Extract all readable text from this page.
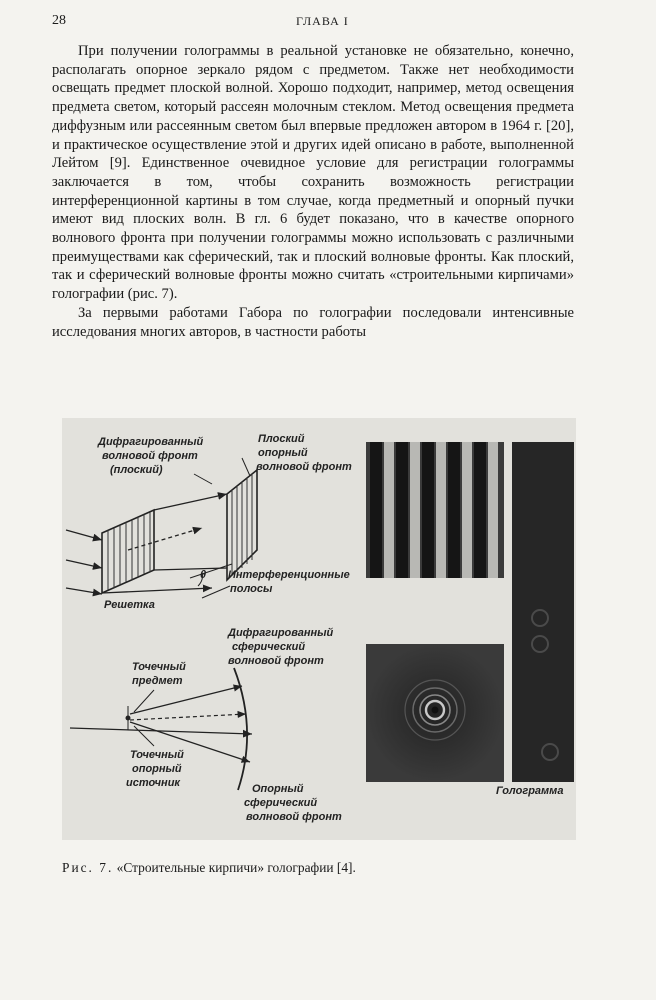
28	ГЛАВА I

При получении голограммы в реальной установке не обязательно, конечно, располагать опорное зеркало рядом с предметом. Также нет необходимости освещать предмет плоской волной. Хорошо подходит, например, метод освещения предмета светом, который рассеян молочным стеклом. Метод освещения предмета диффузным или рассеянным светом был впервые предложен автором в 1964 г. [20], и практическое осуществление этой и других идей описано в работе, выполненной Лейтом [9]. Единственное очевидное условие для регистрации голограммы заключается в том, чтобы сохранить возможность регистрации интерференционной картины в том случае, когда предметный и опорный пучки имеют вид плоских волн. В гл. 6 будет показано, что в качестве опорного волнового фронта при получении голограммы можно использовать с различными преимуществами как сферический, так и плоский волновые фронты. Как плоский, так и сферический волновые фронты можно считать «строительными кирпичами» голографии (рис. 7).

За первыми работами Габора по голографии последовали интенсивные исследования многих авторов, в частности работы

Дифрагированный
волновой фронт
(плоский)
Плоский
опорный
волновой фронт
Интерференционные
полосы
Решетка
θ
Точечный
предмет
Точечный
опорный
источник
Дифрагированный
сферический
волновой фронт
Опорный
сферический
волновой фронт
Голограмма
Рис. 7. «Строительные кирпичи» голографии [4].
